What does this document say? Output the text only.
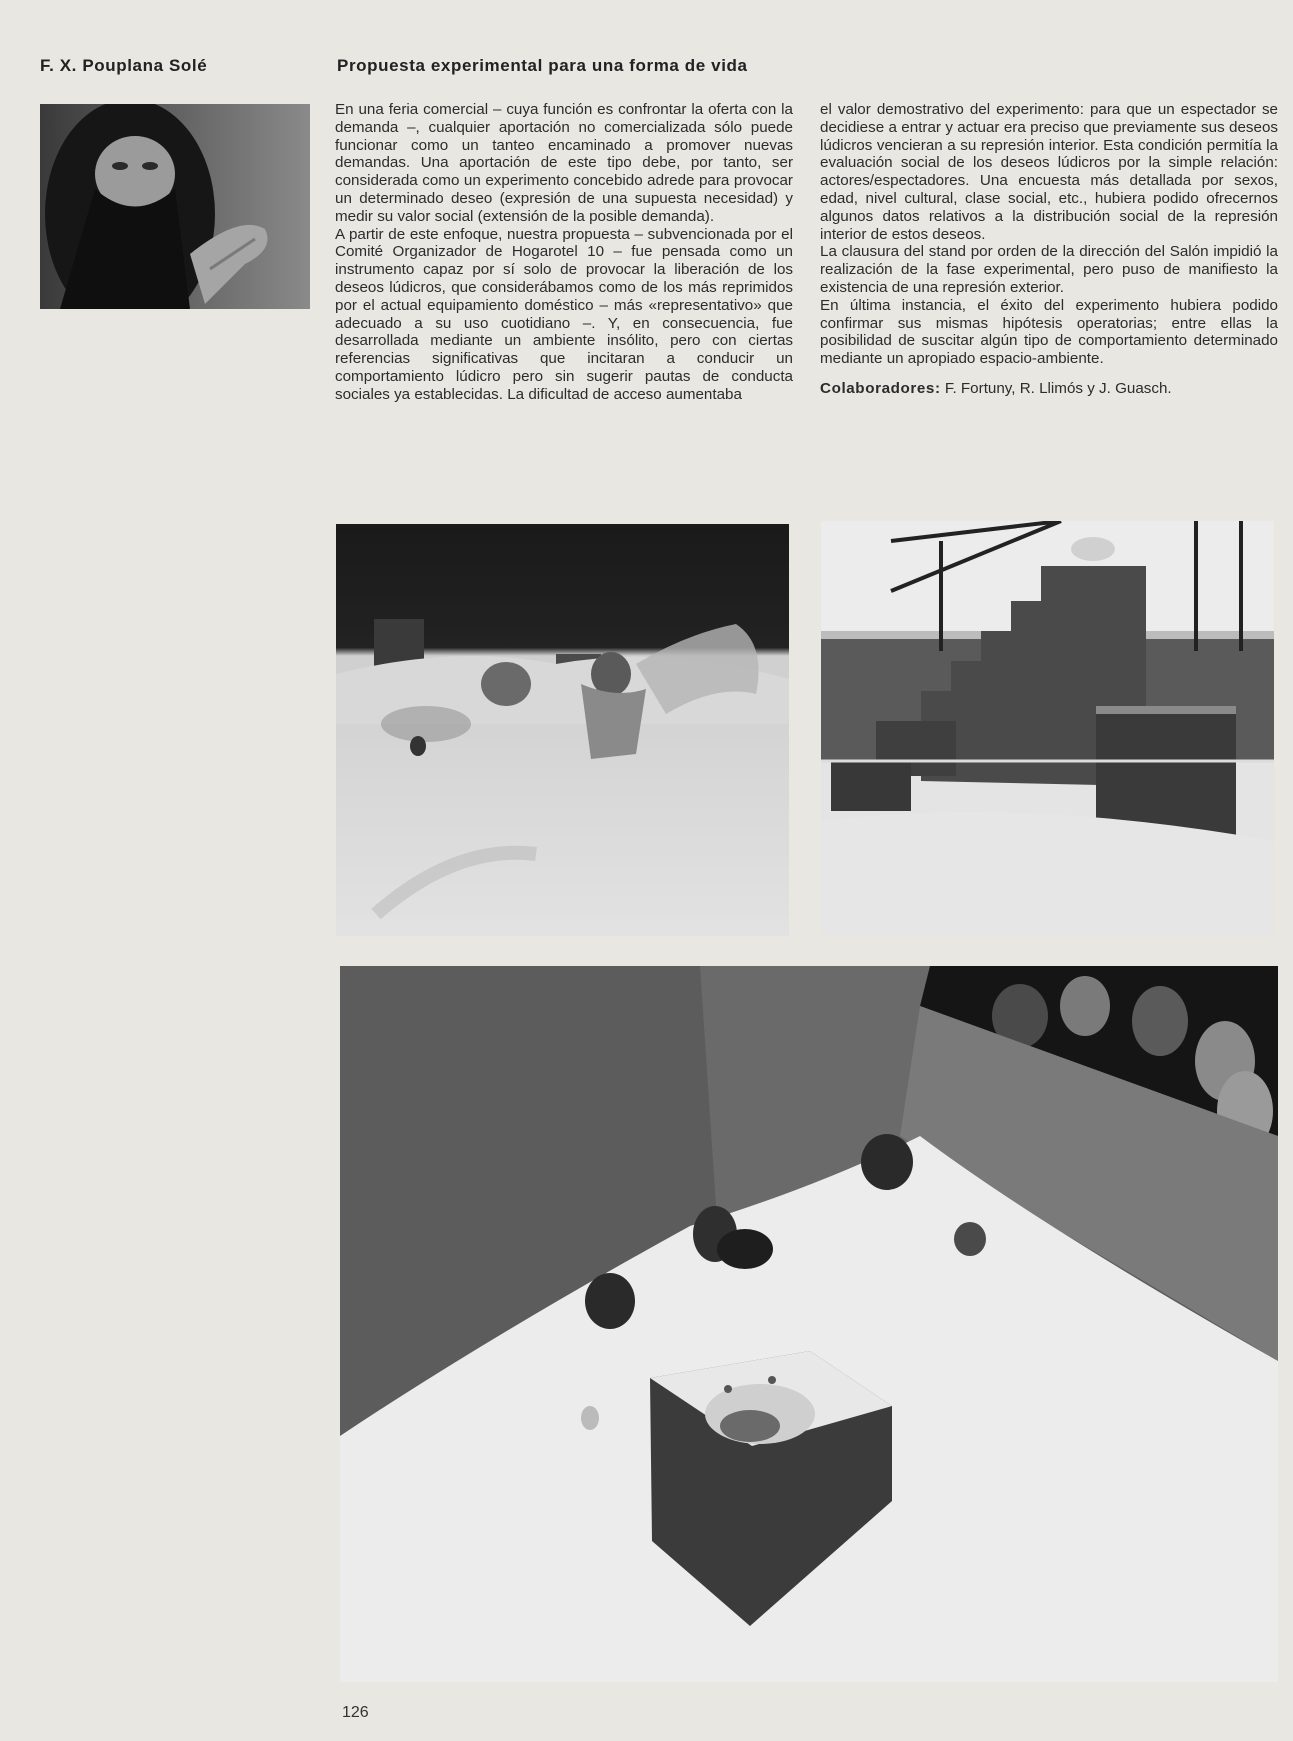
F. X. Pouplana Solé	Propuesta experimental para una forma de vida

En una feria comercial – cuya función es confrontar la oferta con la demanda –, cualquier aportación no comercializada sólo puede funcionar como un tanteo encaminado a promover nuevas demandas. Una aportación de este tipo debe, por tanto, ser considerada como un experimento concebido adrede para provocar un determinado deseo (expresión de una supuesta necesidad) y medir su valor social (extensión de la posible demanda).

A partir de este enfoque, nuestra propuesta – subvencionada por el Comité Organizador de Hogarotel 10 – fue pensada como un instrumento capaz por sí solo de provocar la liberación de los deseos lúdicros, que considerábamos como de los más reprimidos por el actual equipamiento doméstico – más «representativo» que adecuado a su uso cuotidiano –. Y, en consecuencia, fue desarrollada mediante un ambiente insólito, pero con ciertas referencias significativas que incitaran a conducir un comportamiento lúdicro pero sin sugerir pautas de conducta sociales ya establecidas. La dificultad de acceso aumentaba

el valor demostrativo del experimento: para que un espectador se decidiese a entrar y actuar era preciso que previamente sus deseos lúdicros vencieran a su represión interior. Esta condición permitía la evaluación social de los deseos lúdicros por la simple relación: actores/espectadores. Una encuesta más detallada por sexos, edad, nivel cultural, clase social, etc., hubiera podido ofrecernos algunos datos relativos a la distribución social de la represión interior de estos deseos.

La clausura del stand por orden de la dirección del Salón impidió la realización de la fase experimental, pero puso de manifiesto la existencia de una represión exterior.

En última instancia, el éxito del experimento hubiera podido confirmar sus mismas hipótesis operatorias; entre ellas la posibilidad de suscitar algún tipo de comportamiento determinado mediante un apropiado espacio-ambiente.

Colaboradores: F. Fortuny, R. Llimós y J. Guasch.

126
